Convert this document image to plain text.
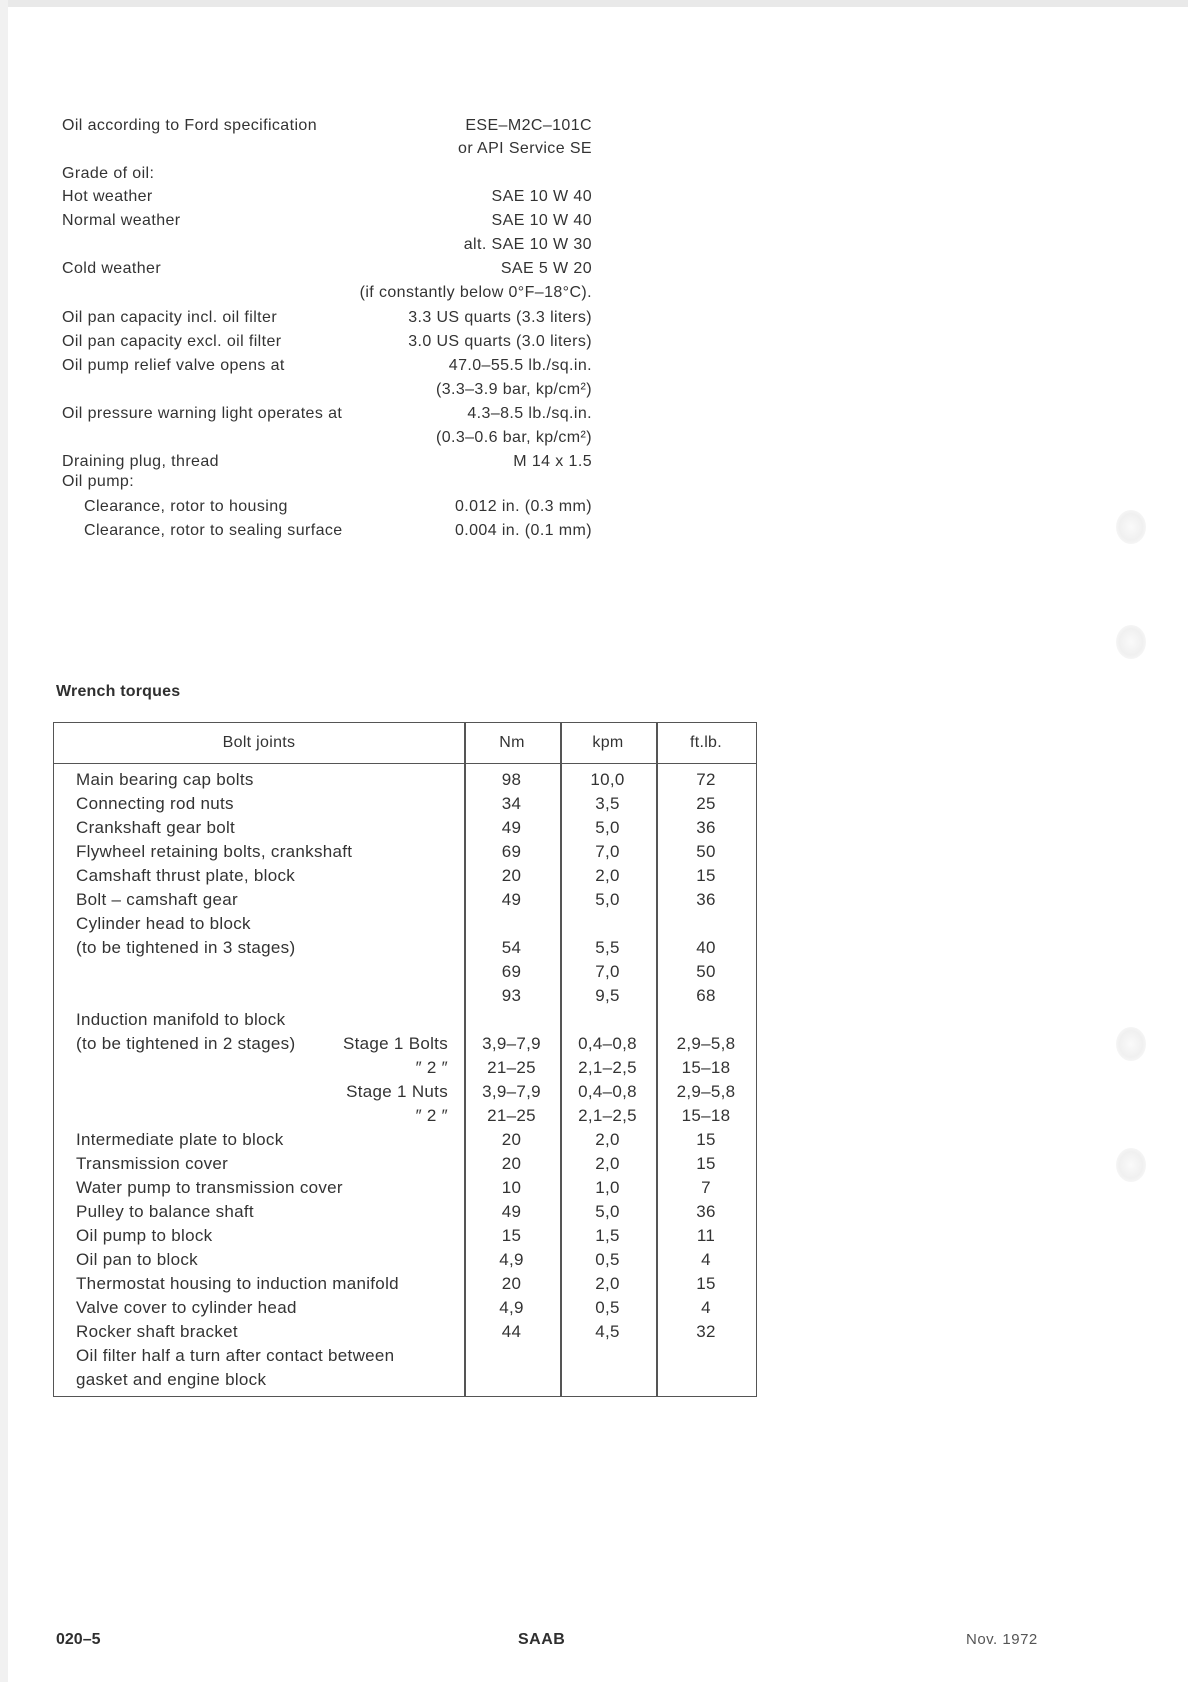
Oil according to Ford specification	ESE–M2C–101C
or API Service SE
Grade of oil:
Hot weather	SAE 10 W 40
Normal weather	SAE 10 W 40
alt. SAE 10 W 30
Cold weather	SAE 5 W 20
(if constantly below 0°F–18°C).
Oil pan capacity incl. oil filter	3.3 US quarts (3.3 liters)
Oil pan capacity excl. oil filter	3.0 US quarts (3.0 liters)
Oil pump relief valve opens at	47.0–55.5 lb./sq.in.
(3.3–3.9 bar, kp/cm²)
Oil pressure warning light operates at	4.3–8.5 lb./sq.in.
(0.3–0.6 bar, kp/cm²)
Draining plug, thread	M 14 x 1.5
Oil pump:
Clearance, rotor to housing	0.012 in. (0.3 mm)
Clearance, rotor to sealing surface	0.004 in. (0.1 mm)
Wrench torques
Bolt joints	Nm	kpm	ft.lb.
Main bearing cap bolts	98	10,0	72
Connecting rod nuts	34	3,5	25
Crankshaft gear bolt	49	5,0	36
Flywheel retaining bolts, crankshaft	69	7,0	50
Camshaft thrust plate, block	20	2,0	15
Bolt – camshaft gear	49	5,0	36
Cylinder head to block
(to be tightened in 3 stages)	54	5,5	40
69	7,0	50
93	9,5	68
Induction manifold to block
(to be tightened in 2 stages)	Stage 1 Bolts	3,9–7,9	0,4–0,8	2,9–5,8
″ 2 ″	21–25	2,1–2,5	15–18
Stage 1 Nuts	3,9–7,9	0,4–0,8	2,9–5,8
″ 2 ″	21–25	2,1–2,5	15–18
Intermediate plate to block	20	2,0	15
Transmission cover	20	2,0	15
Water pump to transmission cover	10	1,0	7
Pulley to balance shaft	49	5,0	36
Oil pump to block	15	1,5	11
Oil pan to block	4,9	0,5	4
Thermostat housing to induction manifold	20	2,0	15
Valve cover to cylinder head	4,9	0,5	4
Rocker shaft bracket	44	4,5	32
Oil filter half a turn after contact between
gasket and engine block
020–5	SAAB	Nov. 1972
